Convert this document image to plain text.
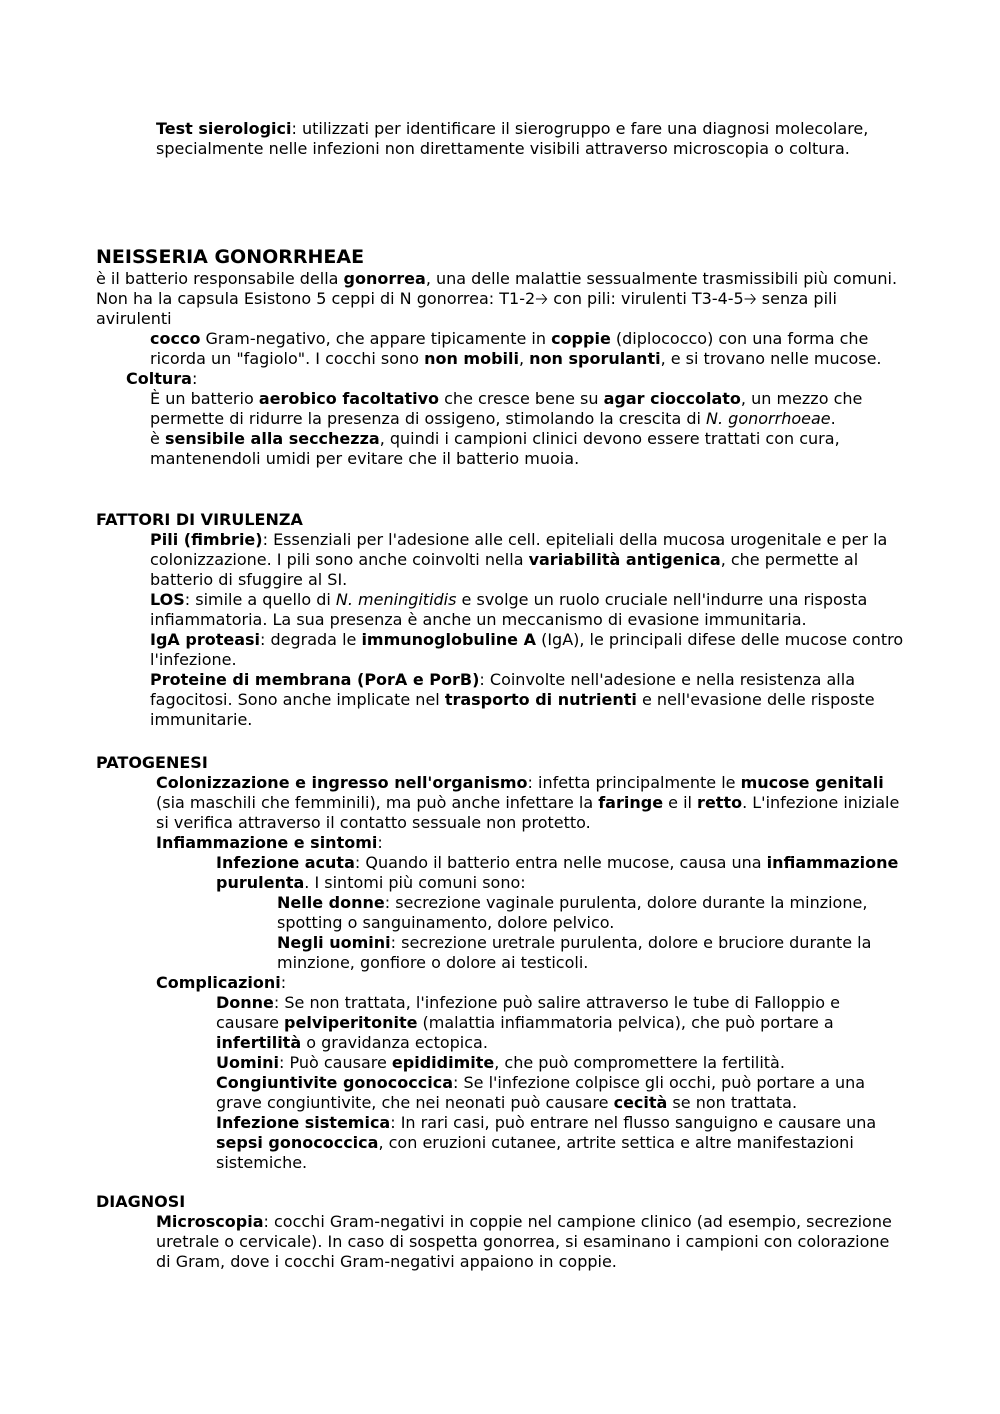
Test sierologici: utilizzati per identificare il sierogruppo e fare una diagnosi molecolare, specialmente nelle infezioni non direttamente visibili attraverso microscopia o coltura.
NEISSERIA GONORRHEAE

è il batterio responsabile della gonorrea, una delle malattie sessualmente trasmissibili più comuni. Non ha la capsula Esistono 5 ceppi di N gonorrea: T1-2🡢 con pili: virulenti T3-4-5🡢 senza pili avirulenti

cocco Gram-negativo, che appare tipicamente in coppie (diplococco) con una forma che ricorda un "fagiolo". I cocchi sono non mobili, non sporulanti, e si trovano nelle mucose.
Coltura:
È un batterio aerobico facoltativo che cresce bene su agar cioccolato, un mezzo che permette di ridurre la presenza di ossigeno, stimolando la crescita di N. gonorrhoeae.
è sensibile alla secchezza, quindi i campioni clinici devono essere trattati con cura, mantenendoli umidi per evitare che il batterio muoia.
FATTORI DI VIRULENZA
Pili (fimbrie): Essenziali per l'adesione alle cell. epiteliali della mucosa urogenitale e per la colonizzazione. I pili sono anche coinvolti nella variabilità antigenica, che permette al batterio di sfuggire al SI.
LOS: simile a quello di N. meningitidis e svolge un ruolo cruciale nell'indurre una risposta infiammatoria. La sua presenza è anche un meccanismo di evasione immunitaria.
IgA proteasi: degrada le immunoglobuline A (IgA), le principali difese delle mucose contro l'infezione.
Proteine di membrana (PorA e PorB): Coinvolte nell'adesione e nella resistenza alla fagocitosi. Sono anche implicate nel trasporto di nutrienti e nell'evasione delle risposte immunitarie.
PATOGENESI
Colonizzazione e ingresso nell'organismo: infetta principalmente le mucose genitali (sia maschili che femminili), ma può anche infettare la faringe e il retto. L'infezione iniziale si verifica attraverso il contatto sessuale non protetto.
Infiammazione e sintomi:
Infezione acuta: Quando il batterio entra nelle mucose, causa una infiammazione purulenta. I sintomi più comuni sono:
Nelle donne: secrezione vaginale purulenta, dolore durante la minzione, spotting o sanguinamento, dolore pelvico.
Negli uomini: secrezione uretrale purulenta, dolore e bruciore durante la minzione, gonfiore o dolore ai testicoli.
Complicazioni:
Donne: Se non trattata, l'infezione può salire attraverso le tube di Falloppio e causare pelviperitonite (malattia infiammatoria pelvica), che può portare a infertilità o gravidanza ectopica.
Uomini: Può causare epididimite, che può compromettere la fertilità.
Congiuntivite gonococcica: Se l'infezione colpisce gli occhi, può portare a una grave congiuntivite, che nei neonati può causare cecità se non trattata.
Infezione sistemica: In rari casi, può entrare nel flusso sanguigno e causare una sepsi gonococcica, con eruzioni cutanee, artrite settica e altre manifestazioni sistemiche.
DIAGNOSI
Microscopia: cocchi Gram-negativi in coppie nel campione clinico (ad esempio, secrezione uretrale o cervicale). In caso di sospetta gonorrea, si esaminano i campioni con colorazione di Gram, dove i cocchi Gram-negativi appaiono in coppie.
